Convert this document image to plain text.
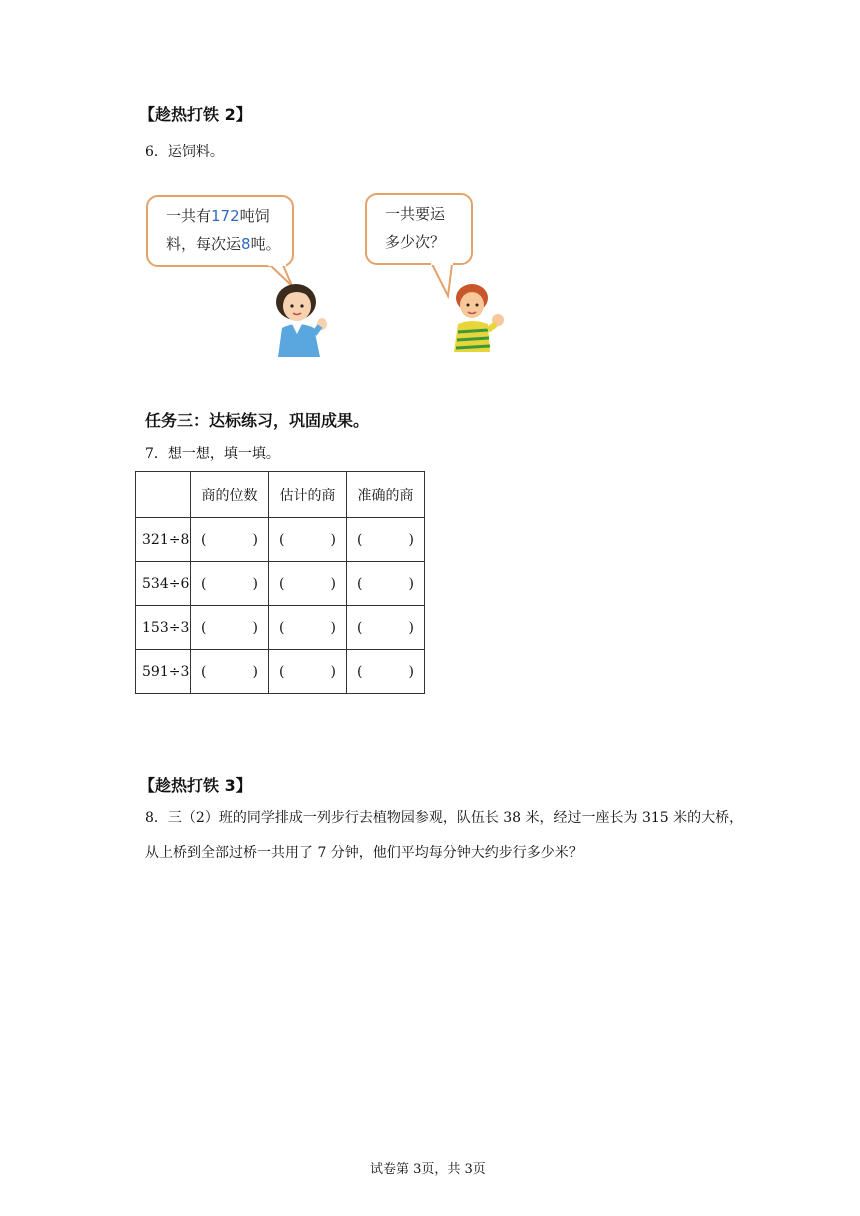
【趁热打铁 2】
6．运饲料。
一共有172吨饲
料，每次运8吨。
一共要运
多少次？
任务三：达标练习，巩固成果。
7．想一想，填一填。
	商的位数	估计的商	准确的商
321÷8	( )	( )	( )

534÷6	( )	( )	( )

153÷3	( )	( )	( )

591÷3	( )	( )	( )
【趁热打铁 3】
8．三（2）班的同学排成一列步行去植物园参观，队伍长 38 米，经过一座长为 315 米的大桥，从上桥到全部过桥一共用了 7 分钟，他们平均每分钟大约步行多少米？
试卷第 3页，共 3页
